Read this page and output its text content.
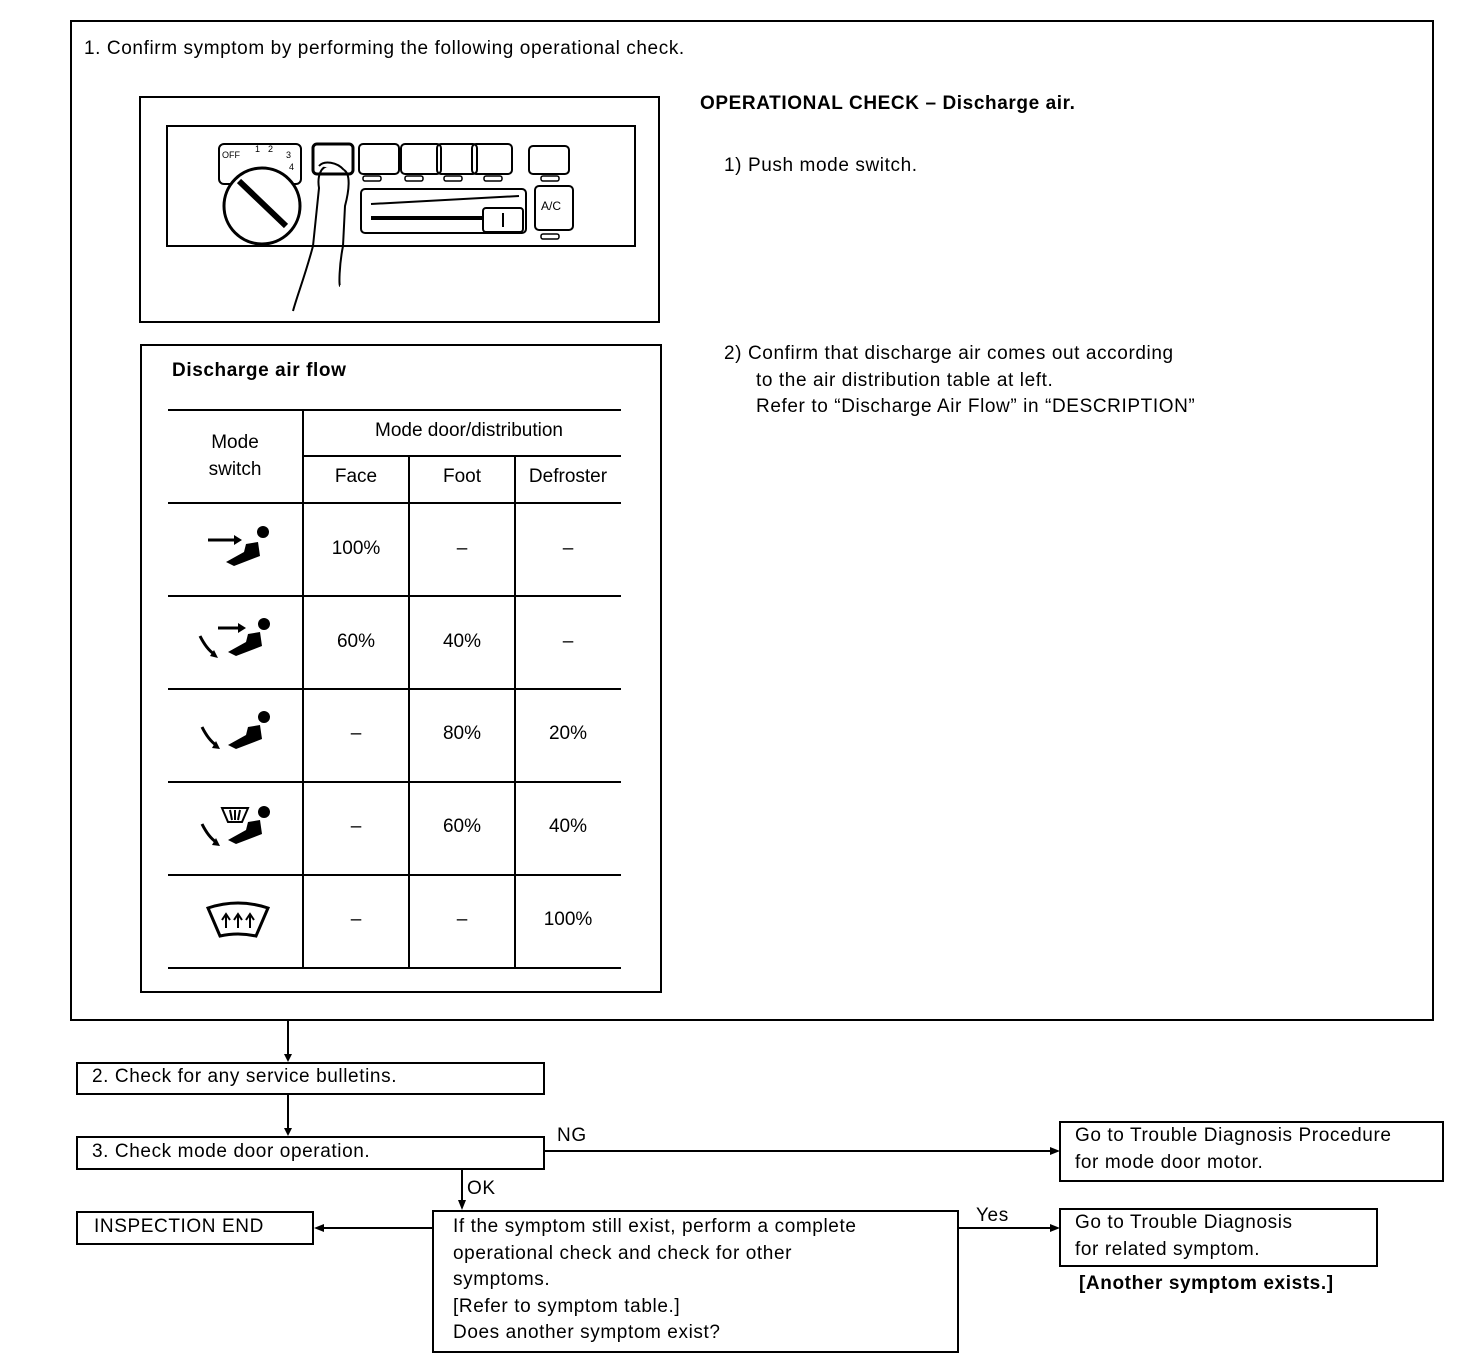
1. Confirm symptom by performing the following operational check.
OFF
1 2
3
4
A/C
OPERATIONAL CHECK – Discharge air.
1) Push mode switch.
2) Confirm that discharge air comes out according
to the air distribution table at left.
Refer to “Discharge Air Flow” in “DESCRIPTION”
Discharge air flow
Mode
switch
Mode door/distribution
Face	Foot	Defroster
100%	–	–
60%	40%	–
–	80%	20%
–	60%	40%
–	–	100%
2. Check for any service bulletins.
3. Check mode door operation.
NG
OK
Go to Trouble Diagnosis Procedure
for mode door motor.
INSPECTION END	If the symptom still exist, perform a complete
operational check and check for other
symptoms.
[Refer to symptom table.]
Does another symptom exist?
Yes	Go to Trouble Diagnosis
for related symptom.
[Another symptom exists.]
